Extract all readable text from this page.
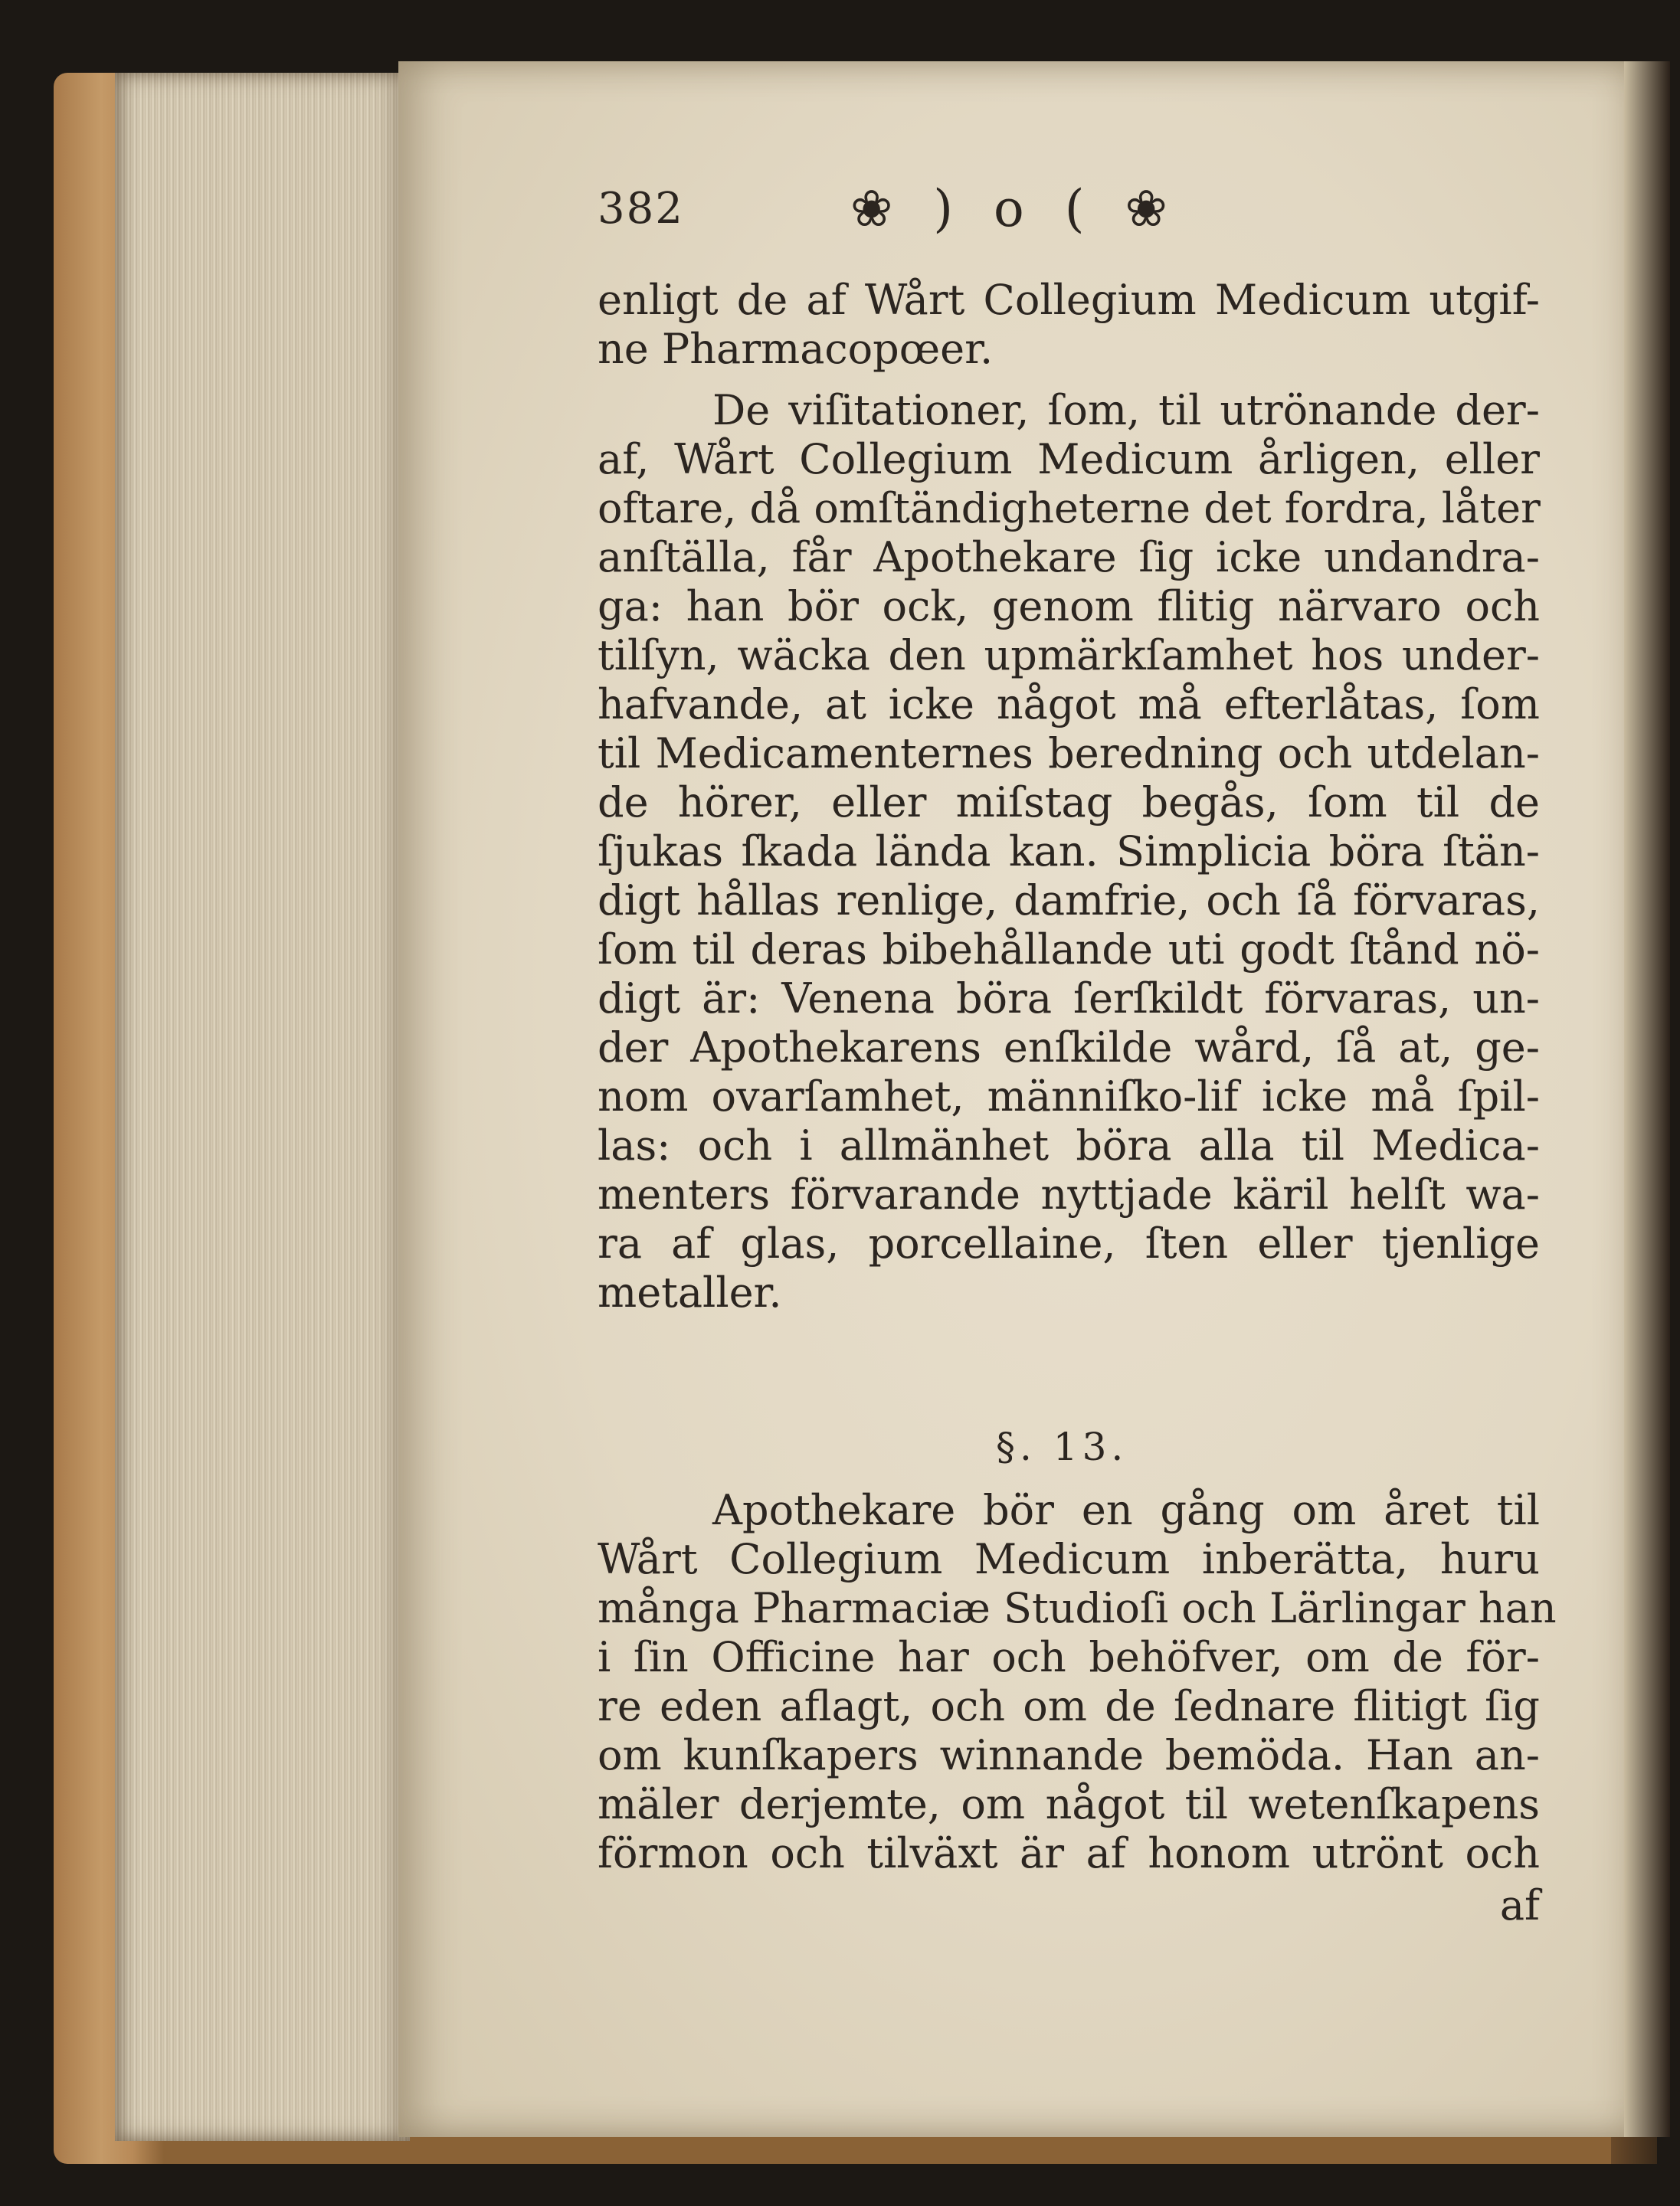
382	❀ ) o ( ❀
enligt de af Wårt Collegium Medicum utgif-
ne Pharmacopœer.
De viſitationer, ſom, til utrönande der-
af, Wårt Collegium Medicum årligen, eller
oftare, då omſtändigheterne det fordra, låter
anſtälla, får Apothekare ſig icke undandra-
ga: han bör ock, genom flitig närvaro och
tilſyn, wäcka den upmärkſamhet hos under-
hafvande, at icke något må efterlåtas, ſom
til Medicamenternes beredning och utdelan-
de hörer, eller miſstag begås, ſom til de
ſjukas ſkada lända kan. Simplicia böra ſtän-
digt hållas renlige, damfrie, och ſå förvaras,
ſom til deras bibehållande uti godt ſtånd nö-
digt är: Venena böra ſerſkildt förvaras, un-
der Apothekarens enſkilde wård, ſå at, ge-
nom ovarſamhet, männiſko-lif icke må ſpil-
las: och i allmänhet böra alla til Medica-
menters förvarande nyttjade käril helſt wa-
ra af glas, porcellaine, ſten eller tjenlige
metaller.
§. 13.
Apothekare bör en gång om året til
Wårt Collegium Medicum inberätta, huru
många Pharmaciæ Studioſi och Lärlingar han
i ſin Officine har och behöfver, om de för-
re eden aflagt, och om de ſednare flitigt ſig
om kunſkapers winnande bemöda. Han an-
mäler derjemte, om något til wetenſkapens
förmon och tilväxt är af honom utrönt och
af
